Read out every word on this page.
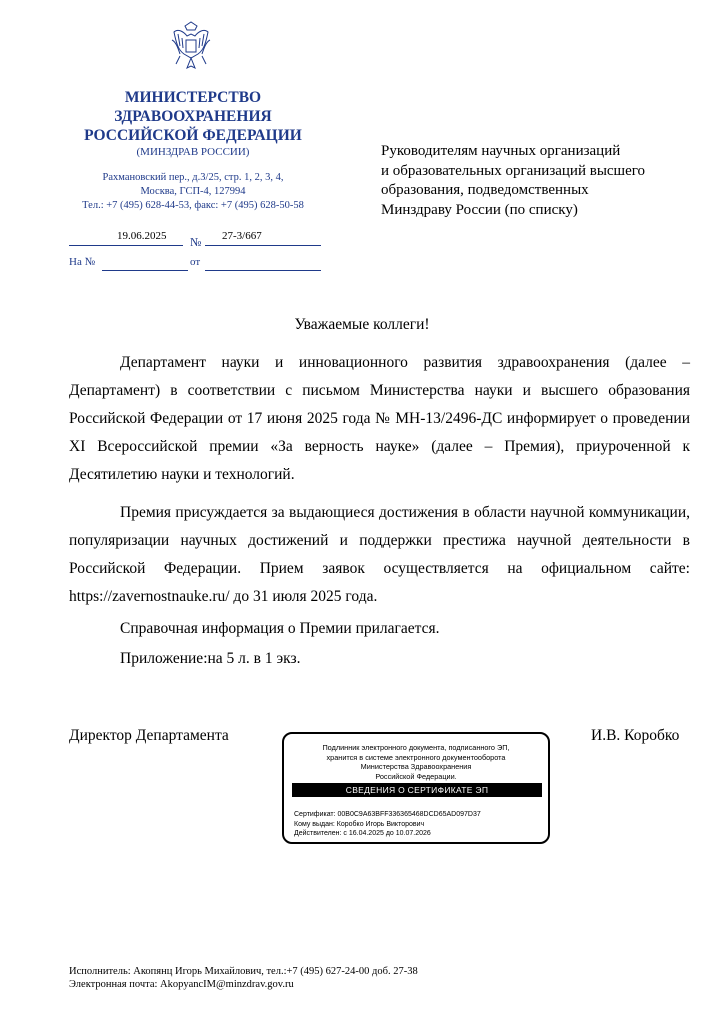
МИНИСТЕРСТВО
ЗДРАВООХРАНЕНИЯ
РОССИЙСКОЙ ФЕДЕРАЦИИ
(МИНЗДРАВ РОССИИ)
Рахмановский пер., д.3/25, стр. 1, 2, 3, 4,
Москва, ГСП-4, 127994
Тел.: +7 (495) 628-44-53, факс: +7 (495) 628-50-58
19.06.2025 № 27-3/667
На №	от
Руководителям научных организаций
и образовательных организаций высшего
образования, подведомственных
Минздраву России (по списку)
Уважаемые коллеги!
Департамент науки и инновационного развития здравоохранения (далее – Департамент) в соответствии с письмом Министерства науки и высшего образования Российской Федерации от 17 июня 2025 года № МН-13/2496-ДС информирует о проведении XI Всероссийской премии «За верность науке» (далее – Премия), приуроченной к Десятилетию науки и технологий.
Премия присуждается за выдающиеся достижения в области научной коммуникации, популяризации научных достижений и поддержки престижа научной деятельности в Российской Федерации. Прием заявок осуществляется на официальном сайте: https://zavernostnauke.ru/ до 31 июля 2025 года.
Справочная информация о Премии прилагается.
Приложение:на 5 л. в 1 экз.
Директор Департамента	И.В. Коробко
Подлинник электронного документа, подписанного ЭП,
хранится в системе электронного документооборота
Министерства Здравоохранения
Российской Федерации.
СВЕДЕНИЯ О СЕРТИФИКАТЕ ЭП
Сертификат: 00B0C9A63BFF336365468DCD65AD097D37
Кому выдан: Коробко Игорь Викторович
Действителен: с 16.04.2025 до 10.07.2026
Исполнитель: Акопянц Игорь Михайлович, тел.:+7 (495) 627-24-00 доб. 27-38
Электронная почта: AkopyancIM@minzdrav.gov.ru
